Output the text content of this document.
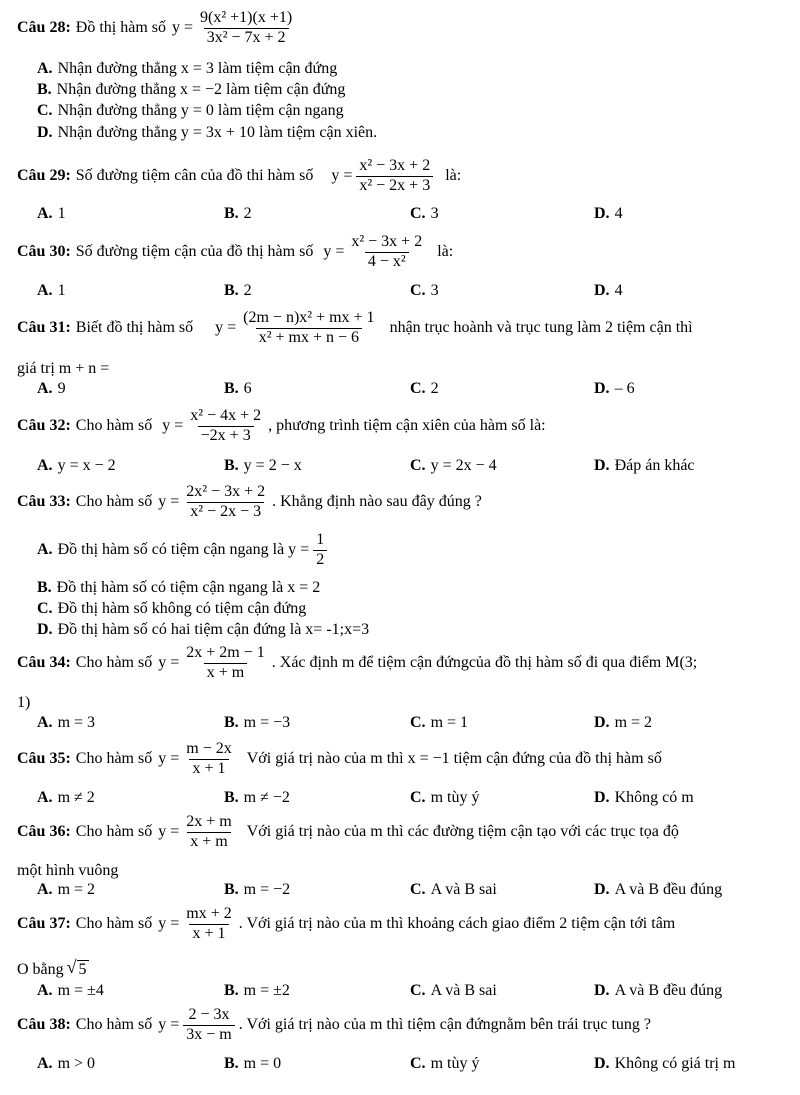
Câu 28: Đồ thị hàm số $y = \frac{\text{9(x² +1)(x +1)}}{\text{3x² − 7x + 2}}$
A. Nhận đường thẳng x = 3 làm tiệm cận đứng
B. Nhận đường thẳng x = −2 làm tiệm cận đứng
C. Nhận đường thẳng y = 0 làm tiệm cận ngang
D. Nhận đường thẳng y = 3x + 10 làm tiệm cận xiên.
Câu 29: Số đường tiệm cân của đồ thi hàm số $y = \frac{\text{x² − 3x + 2}}{\text{x² − 2x + 3}}$ là:
A. 1	B. 2	C. 3	D. 4
Câu 30: Số đường tiệm cận của đồ thị hàm số $y = \frac{\text{x² − 3x + 2}}{\text{4 − x²}}$ là:
A. 1	B. 2	C. 3	D. 4
Câu 31: Biết đồ thị hàm số $y = \frac{\text{(2m − n)x² + mx + 1}}{\text{x² + mx + n − 6}}$ nhận trục hoành và trục tung làm 2 tiệm cận thì
giá trị m + n =
A. 9	B. 6	C. 2	D. – 6
Câu 32: Cho hàm số $y = \frac{\text{x² − 4x + 2}}{-2x + 3}$ , phương trình tiệm cận xiên của hàm số là:
A. y = x − 2	B. y = 2 − x	C. y = 2x − 4	D. Đáp án khác
Câu 33: Cho hàm số $y = \frac{\text{2x² − 3x + 2}}{\text{x² − 2x − 3}}$ . Khẳng định nào sau đây đúng ?
A. Đồ thị hàm số có tiệm cận ngang là $y = \frac{1}{2}$
B. Đồ thị hàm số có tiệm cận ngang là x = 2
C. Đồ thị hàm số không có tiệm cận đứng
D. Đồ thị hàm số có hai tiệm cận đứng là x= -1;x=3
Câu 34: Cho hàm số $y = \frac{2x + 2m - 1}{x + m}$ . Xác định m để tiệm cận đứngcủa đồ thị hàm số đi qua điểm M(3;
1)
A. m = 3	B. m = −3	C. m = 1	D. m = 2
Câu 35: Cho hàm số $y = \frac{m - 2x}{x + 1}$ Với giá trị nào của m thì x = −1 tiệm cận đứng của đồ thị hàm số
A. m ≠ 2	B. m ≠ −2	C. m tùy ý	D. Không có m
Câu 36: Cho hàm số $y = \frac{2x + m}{x + m}$ Với giá trị nào của m thì các đường tiệm cận tạo với các trục tọa độ
một hình vuông
A. m = 2	B. m = −2	C. A và B sai	D. A và B đều đúng
Câu 37: Cho hàm số $y = \frac{mx + 2}{x + 1}$ . Với giá trị nào của m thì khoảng cách giao điểm 2 tiệm cận tới tâm
O bằng √ 5
A. m = ±4	B. m = ±2	C. A và B sai	D. A và B đều đúng
Câu 38: Cho hàm số $y = \frac{2 - 3x}{3x - m}$ . Với giá trị nào của m thì tiệm cận đứngnằm bên trái trục tung ?
A. m > 0	B. m = 0	C. m tùy ý	D. Không có giá trị m
